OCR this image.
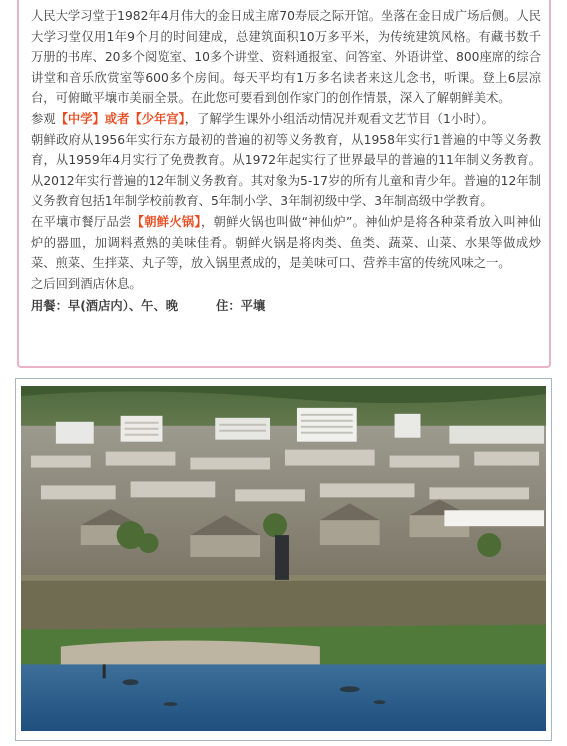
人民大学习堂于1982年4月伟大的金日成主席70寿辰之际开馆。坐落在金日成广场后侧。人民大学习堂仅用1年9个月的时间建成，总建筑面积10万多平米，为传统建筑风格。有藏书数千万册的书库、20多个阅览室、10多个讲堂、资料通报室、问答室、外语讲堂、800座席的综合讲堂和音乐欣赏室等600多个房间。每天平均有1万多名读者来这儿念书，听课。登上6层凉台，可俯瞰平壤市美丽全景。在此您可要看到创作家门的创作情景，深入了解朝鲜美术。

参观【中学】或者【少年宫】，了解学生课外小组活动情况并观看文艺节目（1小时）。

朝鲜政府从1956年实行东方最初的普遍的初等义务教育，从1958年实行1普遍的中等义务教育，从1959年4月实行了免费教育。从1972年起实行了世界最早的普遍的11年制义务教育。从2012年实行普遍的12年制义务教育。其对象为5-17岁的所有儿童和青少年。普遍的12年制义务教育包括1年制学校前教育、5年制小学、3年制初级中学、3年制高级中学教育。

在平壤市餐厅品尝【朝鲜火锅】，朝鲜火锅也叫做“神仙炉”。神仙炉是将各种菜肴放入叫神仙炉的器皿，加调料煮熟的美味佳肴。朝鲜火锅是将肉类、鱼类、蔬菜、山菜、水果等做成炒菜、煎菜、生拌菜、丸子等，放入锅里煮成的，是美味可口、营养丰富的传统风味之一。

之后回到酒店休息。

用餐：早(酒店内）、午、晚	住：平壤
